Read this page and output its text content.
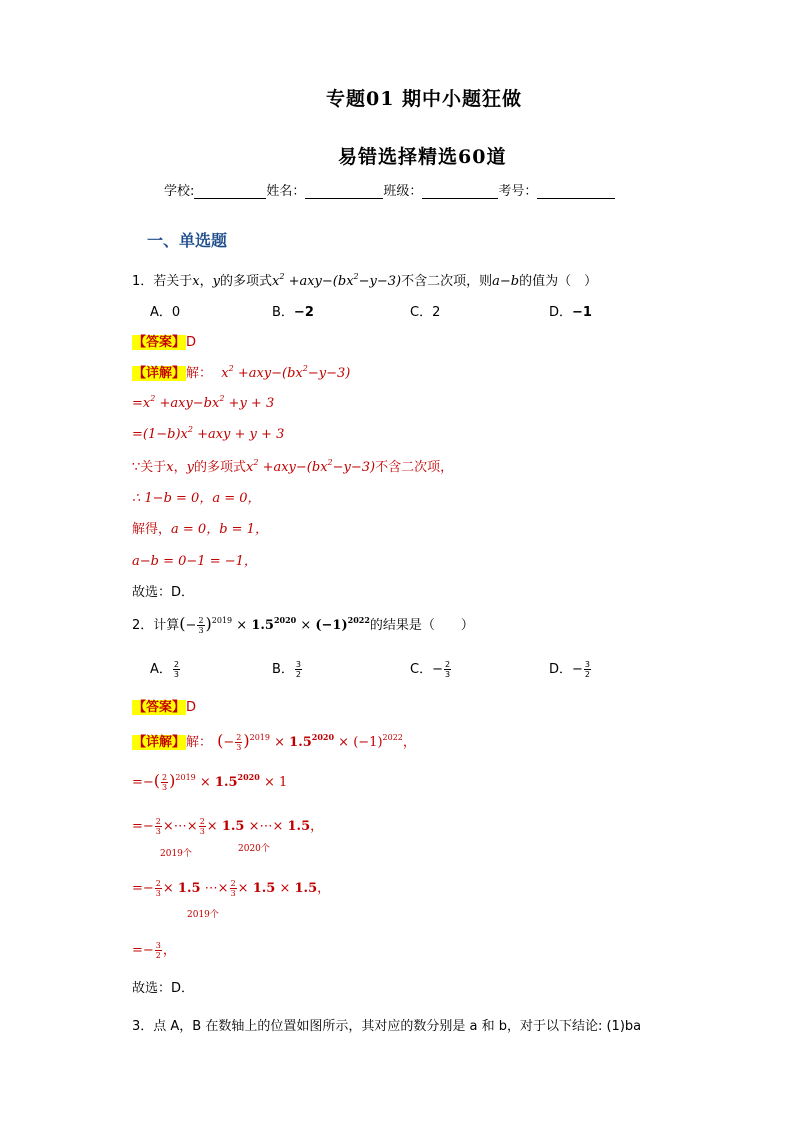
专题01 期中小题狂做
易错选择精选60道
学校:	姓名：	班级：	考号：
一、单选题
1．若关于x，y的多项式$x^2 +axy-(bx^2-y-3)$不含二次项，则a−b的值为（　）
A．0	B．−2	C．2	D．−1
【答案】D
【详解】解：  $x^2 +axy-(bx^2-y-3)$
$=x^2 +axy-bx^2 +y + 3$
$=(1-b)x^2 +axy + y + 3$
∵关于x，y的多项式$x^2 +axy-(bx^2-y-3)$不含二次项，
∴ 1−b = 0，a = 0，
解得，a = 0，b = 1，
a−b = 0−1 = −1，
故选：D．
2．计算(− $\frac{2}{3} )^{2019} \times 1.5^{2020} \times (-1)^{2022}$的结果是（　　）
A． $\frac{2}{3}$	B． $\frac{3}{2}$	C．− $\frac{2}{3}$	D．− $\frac{3}{2}$
【答案】D
【详解】解： (− $\frac{2}{3} )^{2019} \times 1.5^{2020} \times (-1)^{2022}$，
=−( $\frac{2}{3} )^{2019} \times 1.5^{2020} \times 1$
=− $\frac{2}{3}$ ×⋯× $\frac{2}{3} \times 1.5$ ×⋯× 1.5，
2019个	2020个
=− $\frac{2}{3} \times 1.5$ ⋯× $\frac{2}{3} \times 1.5 \times 1.5$，
2019个
=− $\frac{3}{2}$ ，
故选：D．
3．点 A，B 在数轴上的位置如图所示，其对应的数分别是 a 和 b，对于以下结论: (1)ba
